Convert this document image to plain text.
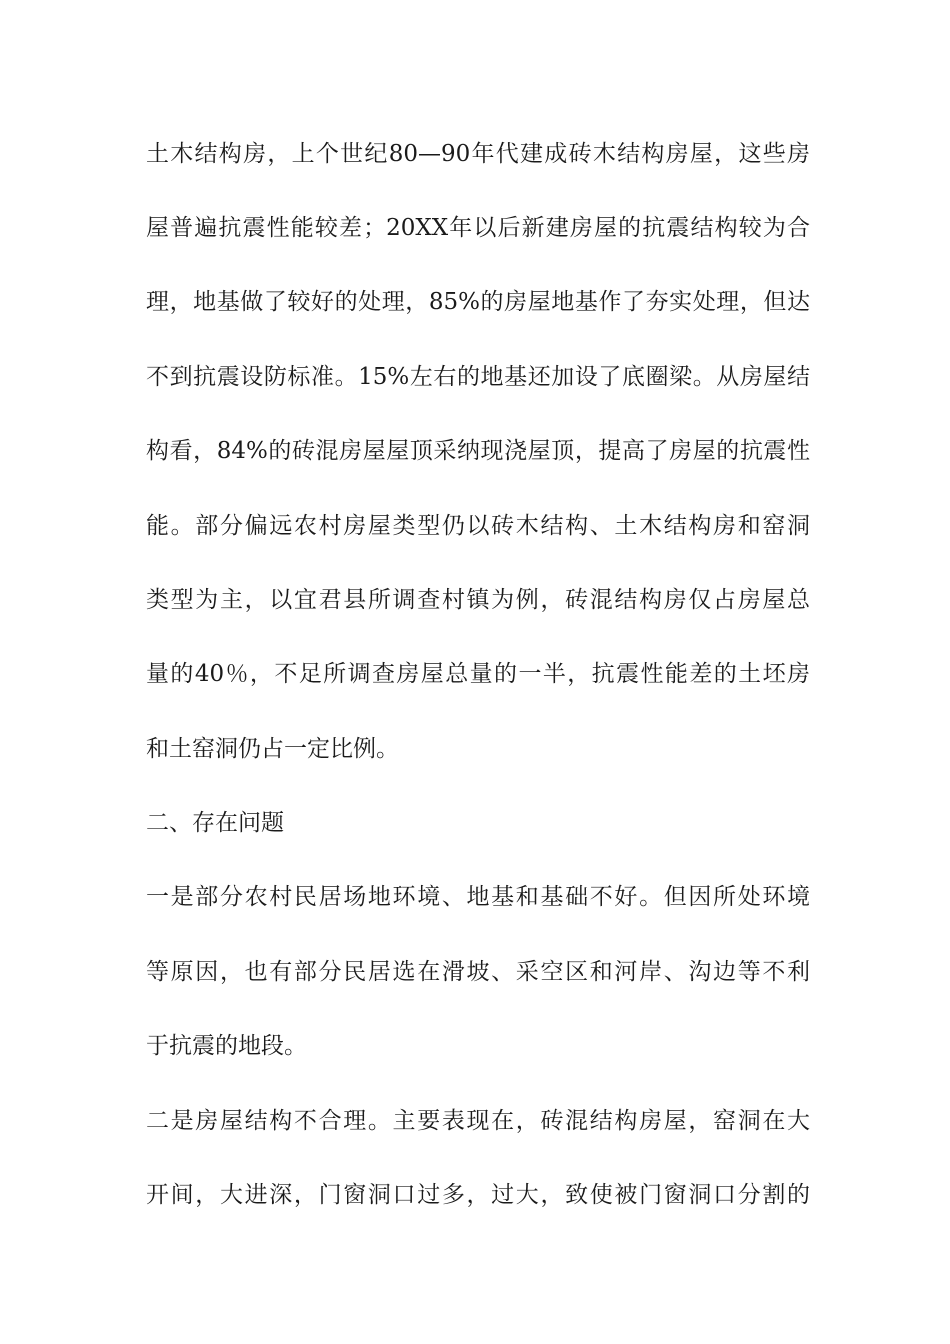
土木结构房，上个世纪80—90年代建成砖木结构房屋，这些房
屋普遍抗震性能较差；20XX年以后新建房屋的抗震结构较为合
理，地基做了较好的处理，85%的房屋地基作了夯实处理，但达
不到抗震设防标准。15%左右的地基还加设了底圈梁。从房屋结
构看，84%的砖混房屋屋顶采纳现浇屋顶，提高了房屋的抗震性
能。部分偏远农村房屋类型仍以砖木结构、土木结构房和窑洞
类型为主，以宜君县所调查村镇为例，砖混结构房仅占房屋总
量的40％，不足所调查房屋总量的一半，抗震性能差的土坯房
和土窑洞仍占一定比例。
二、存在问题
一是部分农村民居场地环境、地基和基础不好。但因所处环境
等原因，也有部分民居选在滑坡、采空区和河岸、沟边等不利
于抗震的地段。
二是房屋结构不合理。主要表现在，砖混结构房屋，窑洞在大
开间，大进深，门窗洞口过多，过大，致使被门窗洞口分割的
